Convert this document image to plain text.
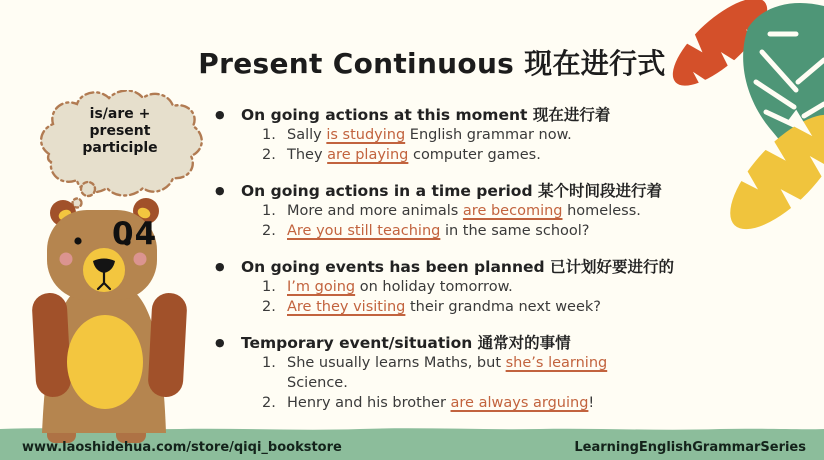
Present Continuous 现在进行式
is/are + present participle
04
●	On going actions at this moment 现在进行着
1. Sally is studying English grammar now.
2. They are playing computer games.
●	On going actions in a time period 某个时间段进行着
1. More and more animals are becoming homeless.
2. Are you still teaching in the same school?
●	On going events has been planned 已计划好要进行的
1. I’m going on holiday tomorrow.
2. Are they visiting their grandma next week?
●	Temporary event/situation 通常对的事情
1. She usually learns Maths, but she’s learning
Science.
2. Henry and his brother are always arguing!
www.laoshidehua.com/store/qiqi_bookstore	LearningEnglishGrammarSeries
